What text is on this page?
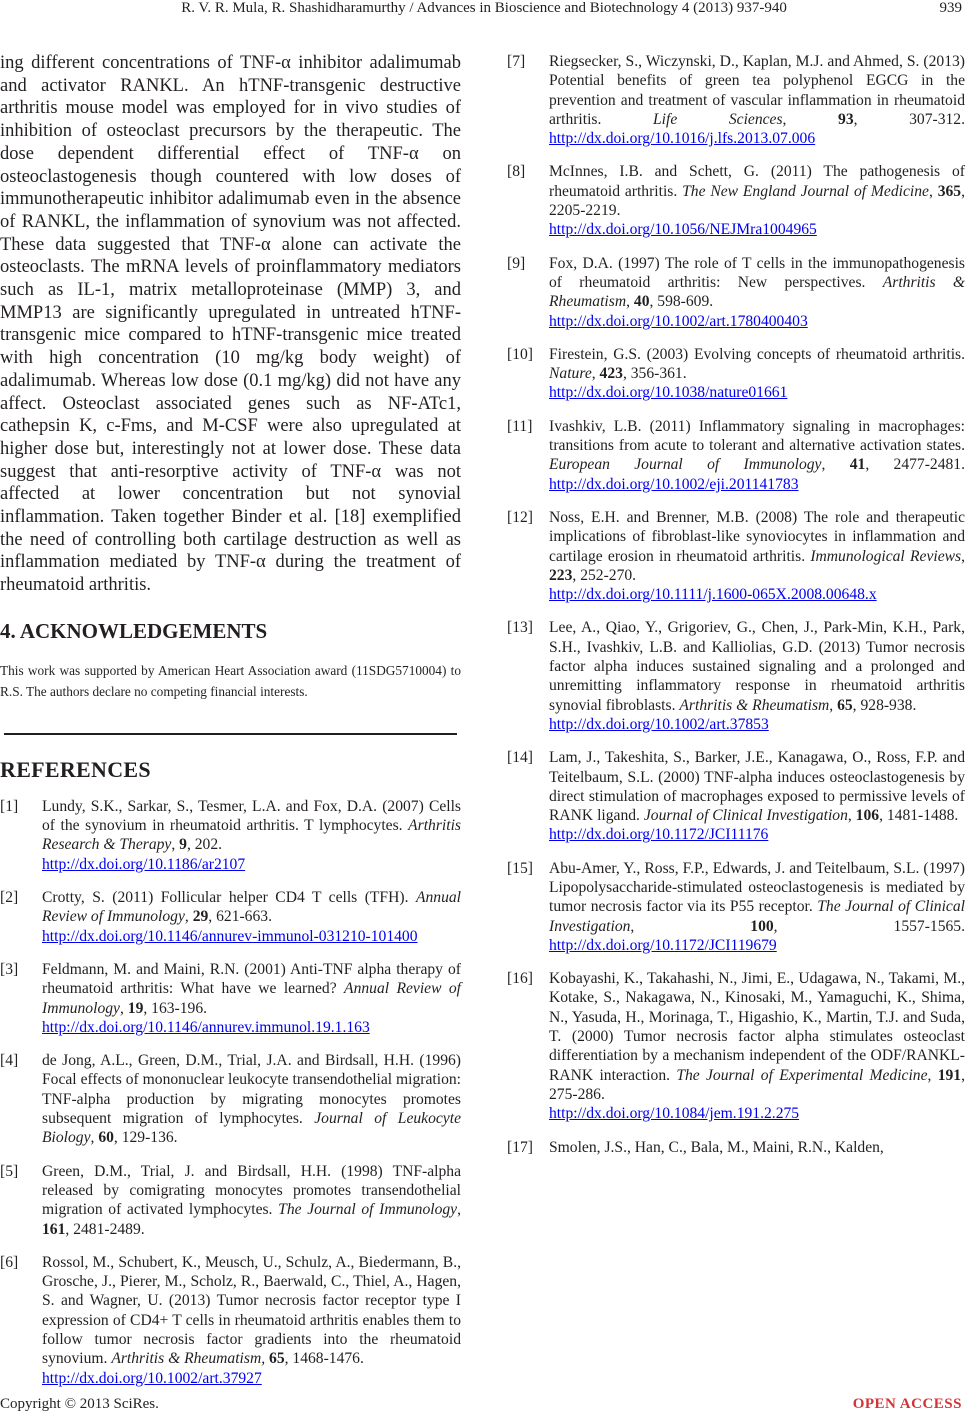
R. V. R. Mula, R. Shashidharamurthy / Advances in Bioscience and Biotechnology 4 (2013) 937-940	939

ing different concentrations of TNF-α inhibitor adalimumab and activator RANKL. An hTNF-transgenic destructive arthritis mouse model was employed for in vivo studies of inhibition of osteoclast precursors by the therapeutic. The dose dependent differential effect of TNF-α on osteoclastogenesis though countered with low doses of immunotherapeutic inhibitor adalimumab even in the absence of RANKL, the inflammation of synovium was not affected. These data suggested that TNF-α alone can activate the osteoclasts. The mRNA levels of proinflammatory mediators such as IL-1, matrix metalloproteinase (MMP) 3, and MMP13 are significantly upregulated in untreated hTNF-transgenic mice compared to hTNF-transgenic mice treated with high concentration (10 mg/kg body weight) of adalimumab. Whereas low dose (0.1 mg/kg) did not have any affect. Osteoclast associated genes such as NF-ATc1, cathepsin K, c-Fms, and M-CSF were also upregulated at higher dose but, interestingly not at lower dose. These data suggest that anti-resorptive activity of TNF-α was not affected at lower concentration but not synovial inflammation. Taken together Binder et al. [18] exemplified the need of controlling both cartilage destruction as well as inflammation mediated by TNF-α during the treatment of rheumatoid arthritis.

4. ACKNOWLEDGEMENTS

This work was supported by American Heart Association award (11SDG5710004) to R.S. The authors declare no competing financial interests.

REFERENCES
[1] Lundy, S.K., Sarkar, S., Tesmer, L.A. and Fox, D.A. (2007) Cells of the synovium in rheumatoid arthritis. T lymphocytes. Arthritis Research & Therapy, 9, 202.
http://dx.doi.org/10.1186/ar2107
[2] Crotty, S. (2011) Follicular helper CD4 T cells (TFH). Annual Review of Immunology, 29, 621-663.
http://dx.doi.org/10.1146/annurev-immunol-031210-101400
[3] Feldmann, M. and Maini, R.N. (2001) Anti-TNF alpha therapy of rheumatoid arthritis: What have we learned? Annual Review of Immunology, 19, 163-196.
http://dx.doi.org/10.1146/annurev.immunol.19.1.163
[4] de Jong, A.L., Green, D.M., Trial, J.A. and Birdsall, H.H. (1996) Focal effects of mononuclear leukocyte transendothelial migration: TNF-alpha production by migrating monocytes promotes subsequent migration of lymphocytes. Journal of Leukocyte Biology, 60, 129-136.
[5] Green, D.M., Trial, J. and Birdsall, H.H. (1998) TNF-alpha released by comigrating monocytes promotes transendothelial migration of activated lymphocytes. The Journal of Immunology, 161, 2481-2489.
[6] Rossol, M., Schubert, K., Meusch, U., Schulz, A., Biedermann, B., Grosche, J., Pierer, M., Scholz, R., Baerwald, C., Thiel, A., Hagen, S. and Wagner, U. (2013) Tumor necrosis factor receptor type I expression of CD4+ T cells in rheumatoid arthritis enables them to follow tumor necrosis factor gradients into the rheumatoid synovium. Arthritis & Rheumatism, 65, 1468-1476.
http://dx.doi.org/10.1002/art.37927
[7] Riegsecker, S., Wiczynski, D., Kaplan, M.J. and Ahmed, S. (2013) Potential benefits of green tea polyphenol EGCG in the prevention and treatment of vascular inflammation in rheumatoid arthritis.	Life Sciences, 93, 307-312. http://dx.doi.org/10.1016/j.lfs.2013.07.006
[8] McInnes, I.B. and Schett, G. (2011) The pathogenesis of rheumatoid arthritis. The New England Journal of Medicine, 365, 2205-2219.
http://dx.doi.org/10.1056/NEJMra1004965
[9] Fox, D.A. (1997) The role of T cells in the immunopathogenesis of rheumatoid arthritis: New perspectives. Arthritis & Rheumatism, 40, 598-609.
http://dx.doi.org/10.1002/art.1780400403
[10] Firestein, G.S. (2003) Evolving concepts of rheumatoid arthritis. Nature, 423, 356-361.
http://dx.doi.org/10.1038/nature01661
[11] Ivashkiv, L.B. (2011) Inflammatory signaling in macrophages: transitions from acute to tolerant and alternative activation states. European Journal of Immunology, 41, 2477-2481. http://dx.doi.org/10.1002/eji.201141783
[12] Noss, E.H. and Brenner, M.B. (2008) The role and therapeutic implications of fibroblast-like synoviocytes in inflammation and cartilage erosion in rheumatoid arthritis. Immunological Reviews, 223, 252-270.
http://dx.doi.org/10.1111/j.1600-065X.2008.00648.x
[13] Lee, A., Qiao, Y., Grigoriev, G., Chen, J., Park-Min, K.H., Park, S.H., Ivashkiv, L.B. and Kalliolias, G.D. (2013) Tumor necrosis factor alpha induces sustained signaling and a prolonged and unremitting inflammatory response in rheumatoid arthritis synovial fibroblasts. Arthritis & Rheumatism, 65, 928-938.
http://dx.doi.org/10.1002/art.37853
[14] Lam, J., Takeshita, S., Barker, J.E., Kanagawa, O., Ross, F.P. and Teitelbaum, S.L. (2000) TNF-alpha induces osteoclastogenesis by direct stimulation of macrophages exposed to permissive levels of RANK ligand. Journal of Clinical Investigation, 106, 1481-1488.
http://dx.doi.org/10.1172/JCI11176
[15] Abu-Amer, Y., Ross, F.P., Edwards, J. and Teitelbaum, S.L. (1997) Lipopolysaccharide-stimulated osteoclastogenesis is mediated by tumor necrosis factor via its P55 receptor. The Journal of Clinical Investigation, 100, 1557-1565. http://dx.doi.org/10.1172/JCI119679
[16] Kobayashi, K., Takahashi, N., Jimi, E., Udagawa, N., Takami, M., Kotake, S., Nakagawa, N., Kinosaki, M., Yamaguchi, K., Shima, N., Yasuda, H., Morinaga, T., Higashio, K., Martin, T.J. and Suda, T. (2000) Tumor necrosis factor alpha stimulates osteoclast differentiation by a mechanism independent of the ODF/RANKL-RANK interaction. The Journal of Experimental Medicine, 191, 275-286.
http://dx.doi.org/10.1084/jem.191.2.275
[17] Smolen, J.S., Han, C., Bala, M., Maini, R.N., Kalden,
Copyright © 2013 SciRes.	OPEN ACCESS
